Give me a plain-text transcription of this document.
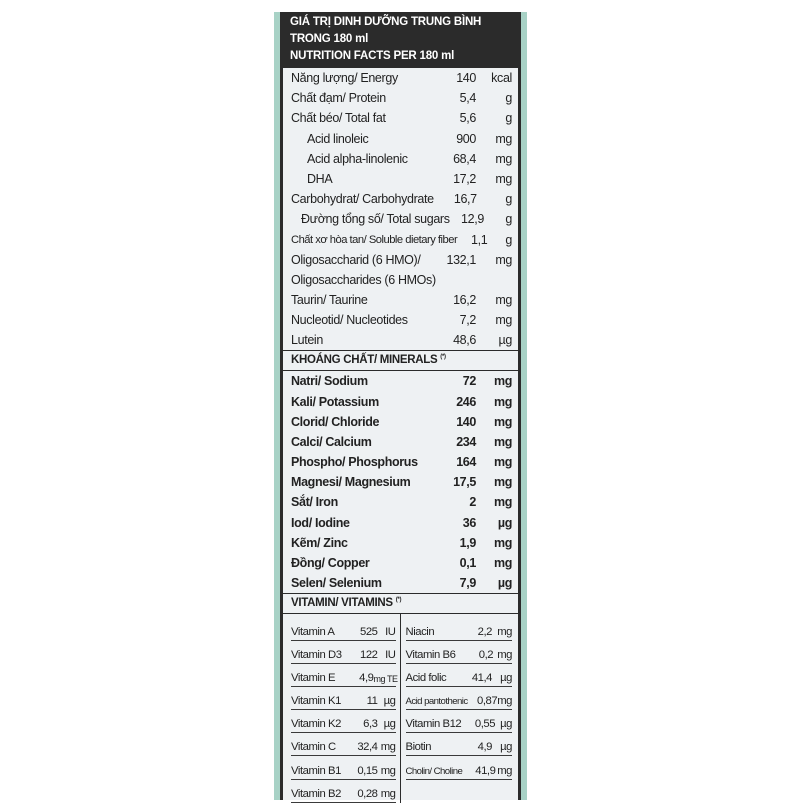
GIÁ TRỊ DINH DƯỠNG TRUNG BÌNH TRONG 180 ml
NUTRITION FACTS PER 180 ml
Năng lượng/ Energy	140	kcal
Chất đạm/ Protein	5,4	g
Chất béo/ Total fat	5,6	g
Acid linoleic	900	mg
Acid alpha-linolenic	68,4	mg
DHA	17,2	mg
Carbohydrat/ Carbohydrate	16,7	g
Đường tổng số/ Total sugars 12,9	g
Chất xơ hòa tan/ Soluble dietary fiber	1,1	g
Oligosaccharid (6 HMO)/	132,1	mg
Oligosaccharides (6 HMOs)
Taurin/ Taurine	16,2	mg
Nucleotid/ Nucleotides	7,2	mg
Lutein	48,6	µg
KHOÁNG CHẤT/ MINERALS (*)
Natri/ Sodium	72	mg
Kali/ Potassium	246	mg
Clorid/ Chloride	140	mg
Calci/ Calcium	234	mg
Phospho/ Phosphorus	164	mg
Magnesi/ Magnesium	17,5	mg
Sắt/ Iron	2	mg
Iod/ Iodine	36	µg
Kẽm/ Zinc	1,9	mg
Đồng/ Copper	0,1	mg
Selen/ Selenium	7,9	µg
VITAMIN/ VITAMINS (*)
Vitamin A	525 IU
Vitamin D3	122 IU
Vitamin E	4,9 mg TE
Vitamin K1	11 µg
Vitamin K2	6,3 µg
Vitamin C	32,4 mg
Vitamin B1	0,15 mg
Vitamin B2	0,28 mg
Niacin	2,2 mg
Vitamin B6	0,2 mg
Acid folic	41,4 µg
Acid pantothenic 0,87 mg
Vitamin B12	0,55 µg
Biotin	4,9 µg
Cholin/ Choline	41,9 mg
